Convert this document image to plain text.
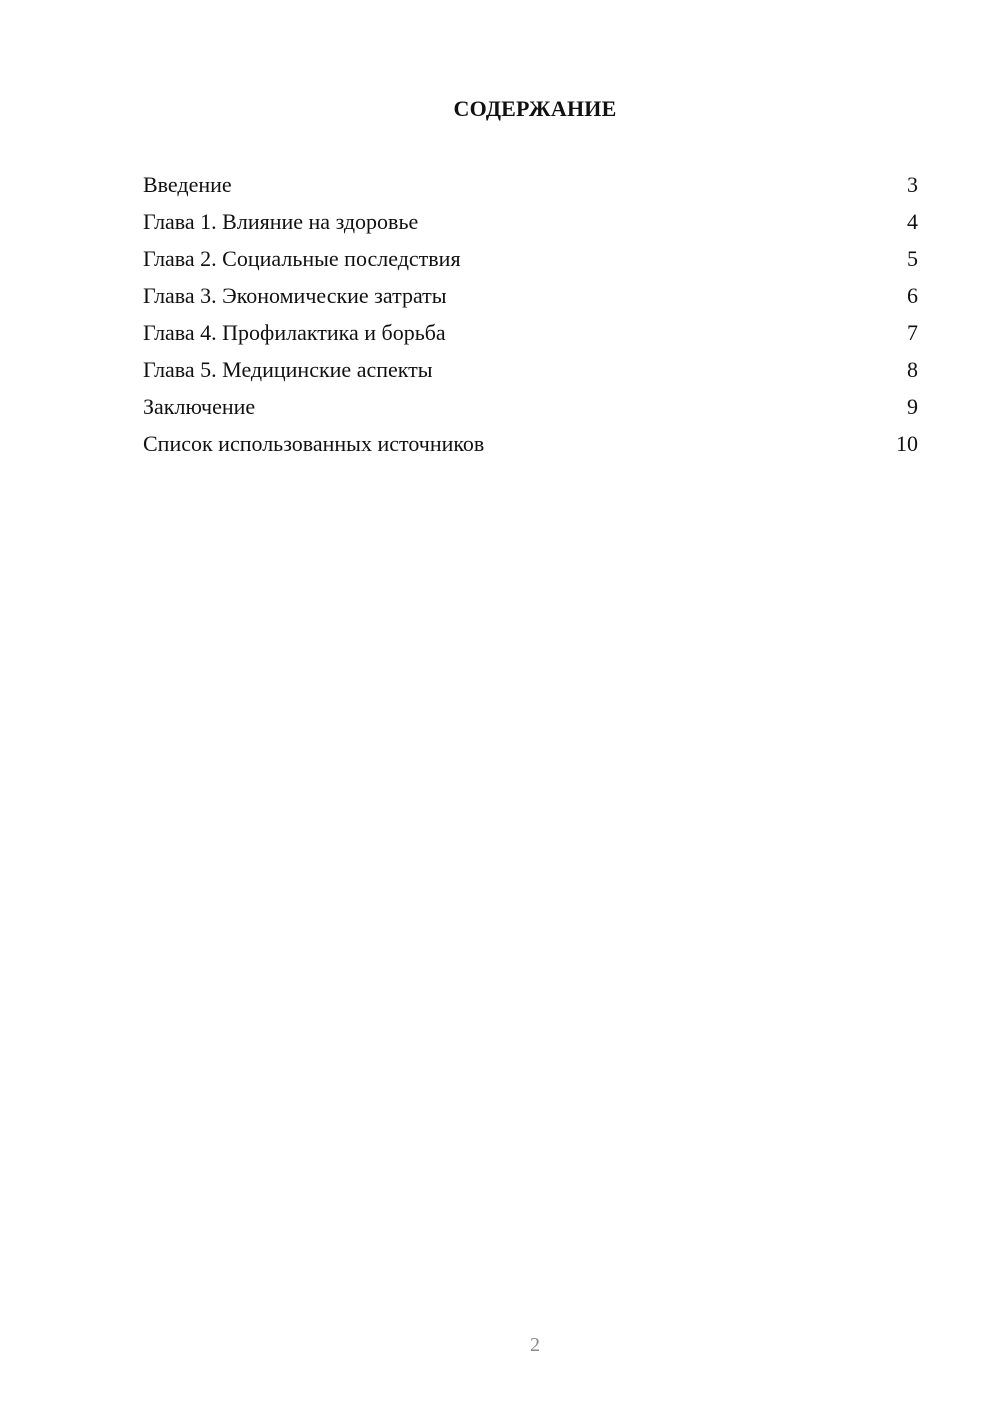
СОДЕРЖАНИЕ
Введение	3
Глава 1. Влияние на здоровье	4
Глава 2. Социальные последствия	5
Глава 3. Экономические затраты	6
Глава 4. Профилактика и борьба	7
Глава 5. Медицинские аспекты	8
Заключение	9
Список использованных источников	10
2
